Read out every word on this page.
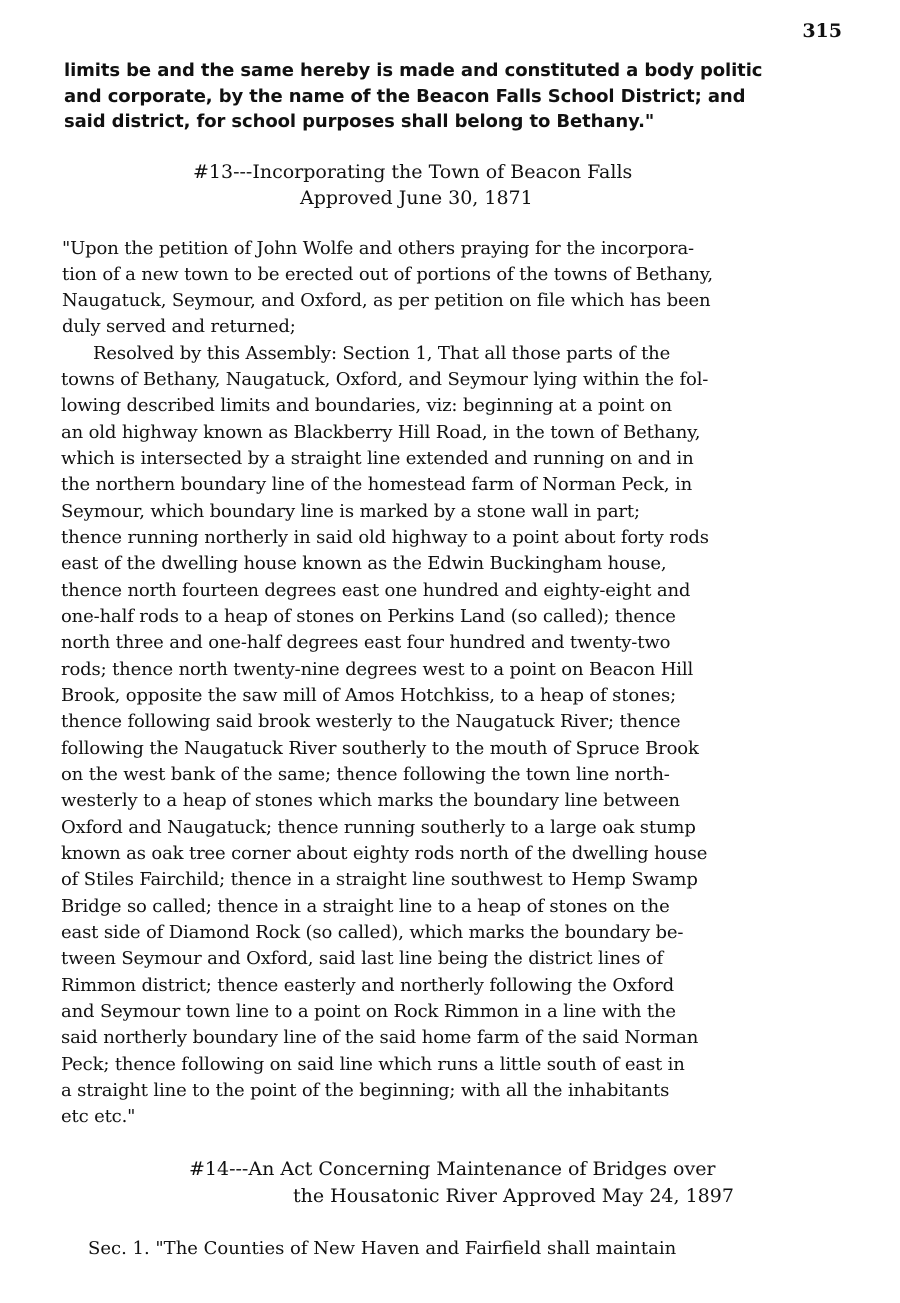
315
limits be and the same hereby is made and constituted a body politic
and corporate, by the name of the Beacon Falls School District; and
said district, for school purposes shall belong to Bethany."
#13---Incorporating the Town of Beacon Falls
Approved June 30, 1871
"Upon the petition of John Wolfe and others praying for the incorpora-
tion of a new town to be erected out of portions of the towns of Bethany,
Naugatuck, Seymour, and Oxford, as per petition on file which has been
duly served and returned;
Resolved by this Assembly: Section 1, That all those parts of the
towns of Bethany, Naugatuck, Oxford, and Seymour lying within the fol-
lowing described limits and boundaries, viz: beginning at a point on
an old highway known as Blackberry Hill Road, in the town of Bethany,
which is intersected by a straight line extended and running on and in
the northern boundary line of the homestead farm of Norman Peck, in
Seymour, which boundary line is marked by a stone wall in part;
thence running northerly in said old highway to a point about forty rods
east of the dwelling house known as the Edwin Buckingham house,
thence north fourteen degrees east one hundred and eighty-eight and
one-half rods to a heap of stones on Perkins Land (so called); thence
north three and one-half degrees east four hundred and twenty-two
rods; thence north twenty-nine degrees west to a point on Beacon Hill
Brook, opposite the saw mill of Amos Hotchkiss, to a heap of stones;
thence following said brook westerly to the Naugatuck River; thence
following the Naugatuck River southerly to the mouth of Spruce Brook
on the west bank of the same; thence following the town line north-
westerly to a heap of stones which marks the boundary line between
Oxford and Naugatuck; thence running southerly to a large oak stump
known as oak tree corner about eighty rods north of the dwelling house
of Stiles Fairchild; thence in a straight line southwest to Hemp Swamp
Bridge so called; thence in a straight line to a heap of stones on the
east side of Diamond Rock (so called), which marks the boundary be-
tween Seymour and Oxford, said last line being the district lines of
Rimmon district; thence easterly and northerly following the Oxford
and Seymour town line to a point on Rock Rimmon in a line with the
said northerly boundary line of the said home farm of the said Norman
Peck; thence following on said line which runs a little south of east in
a straight line to the point of the beginning; with all the inhabitants
etc etc."
#14---An Act Concerning Maintenance of Bridges over
the Housatonic River Approved May 24, 1897
Sec. 1. "The Counties of New Haven and Fairfield shall maintain
